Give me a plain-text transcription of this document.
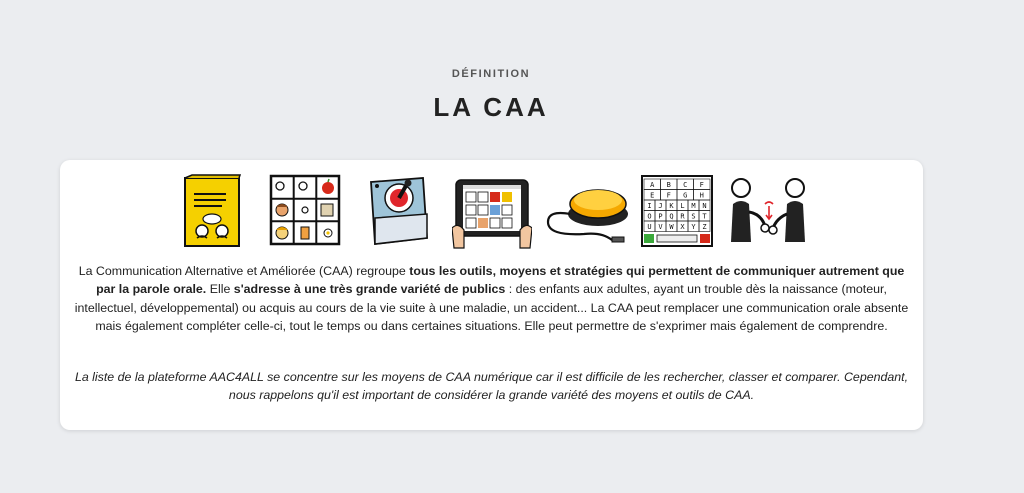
DÉFINITION
LA CAA
A B C F
E F G H
I J K L M N
O P Q R S T
U V W X Y Z

La Communication Alternative et Améliorée (CAA) regroupe tous les outils, moyens et stratégies qui permettent de communiquer autrement que par la parole orale. Elle s'adresse à une très grande variété de publics : des enfants aux adultes, ayant un trouble dès la naissance (moteur, intellectuel, développemental) ou acquis au cours de la vie suite à une maladie, un accident... La CAA peut remplacer une communication orale absente mais également compléter celle-ci, tout le temps ou dans certaines situations. Elle peut permettre de s'exprimer mais également de comprendre.

La liste de la plateforme AAC4ALL se concentre sur les moyens de CAA numérique car il est difficile de les rechercher, classer et comparer. Cependant, nous rappelons qu'il est important de considérer la grande variété des moyens et outils de CAA.
